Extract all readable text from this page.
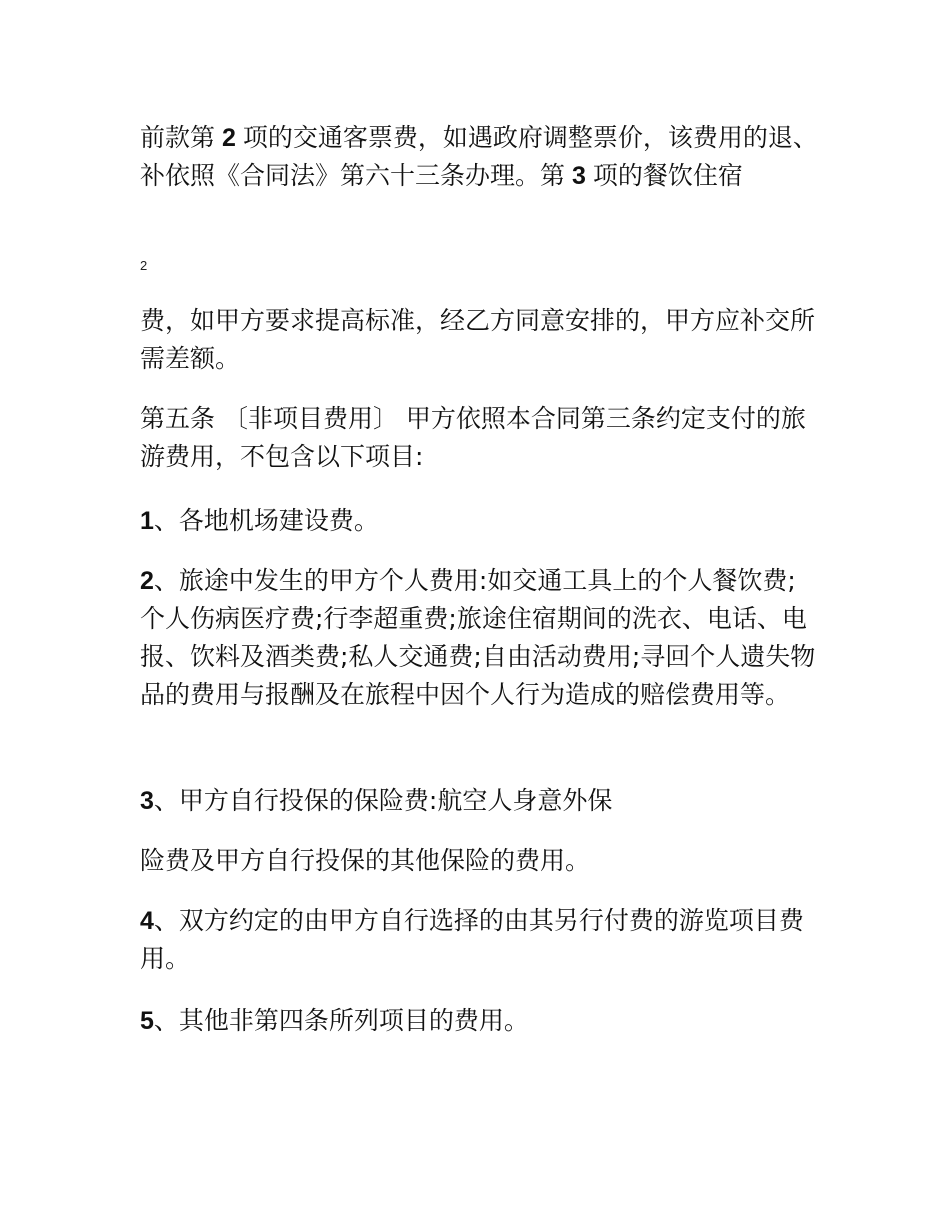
前款第 2 项的交通客票费，如遇政府调整票价，该费用的退、补依照《合同法》第六十三条办理。第 3 项的餐饮住宿

2

费，如甲方要求提高标准，经乙方同意安排的，甲方应补交所需差额。

第五条 〔非项目费用〕 甲方依照本合同第三条约定支付的旅游费用，不包含以下项目:

1、各地机场建设费。

2、旅途中发生的甲方个人费用:如交通工具上的个人餐饮费;个人伤病医疗费;行李超重费;旅途住宿期间的洗衣、电话、电报、饮料及酒类费;私人交通费;自由活动费用;寻回个人遗失物品的费用与报酬及在旅程中因个人行为造成的赔偿费用等。

3、甲方自行投保的保险费:航空人身意外保

险费及甲方自行投保的其他保险的费用。

4、双方约定的由甲方自行选择的由其另行付费的游览项目费用。

5、其他非第四条所列项目的费用。
